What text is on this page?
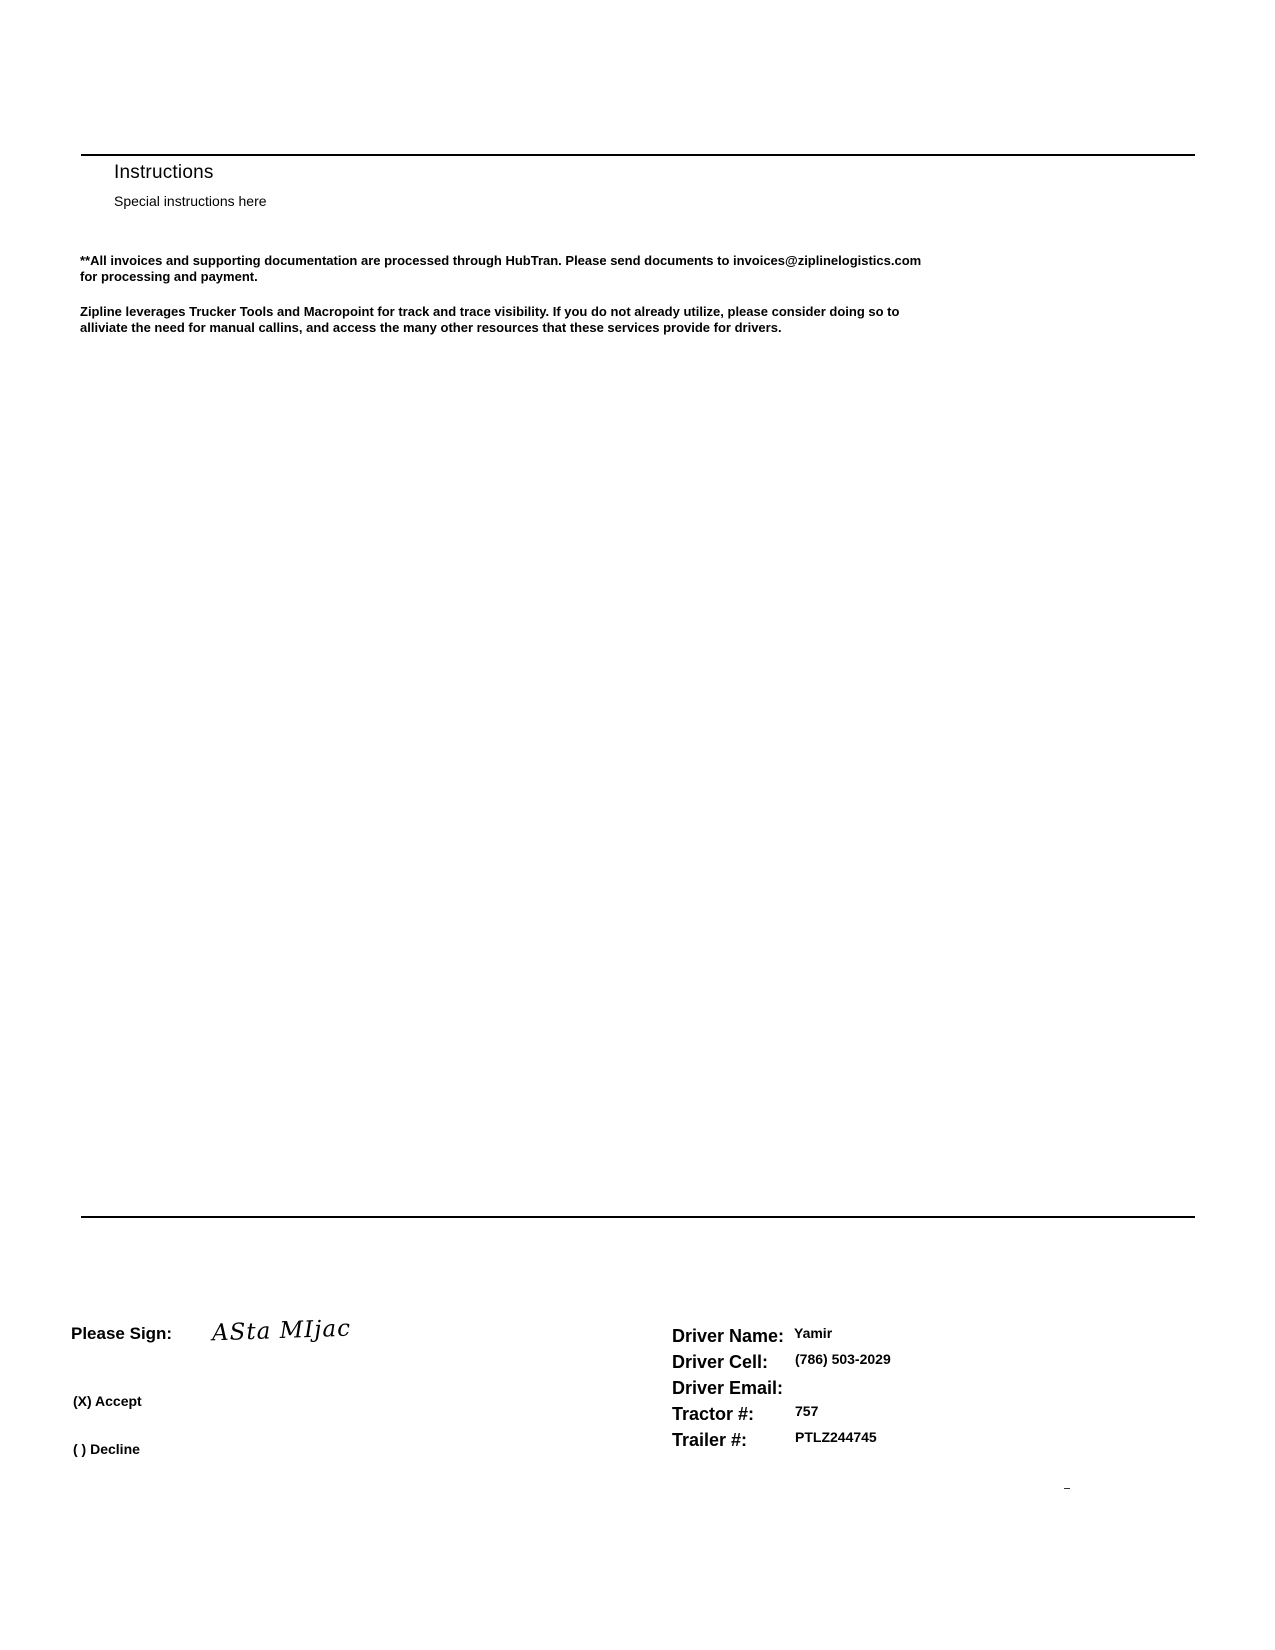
Instructions
Special instructions here
**All invoices and supporting documentation are processed through HubTran. Please send documents to invoices@ziplinelogistics.com
for processing and payment.
Zipline leverages Trucker Tools and Macropoint for track and trace visibility. If you do not already utilize, please consider doing so to
alliviate the need for manual callins, and access the many other resources that these services provide for drivers.
Please Sign: ASta MIjac
(X) Accept
( ) Decline
Driver Name: Yamir
Driver Cell: (786) 503-2029
Driver Email:
Tractor #:	757
Trailer #:	PTLZ244745
